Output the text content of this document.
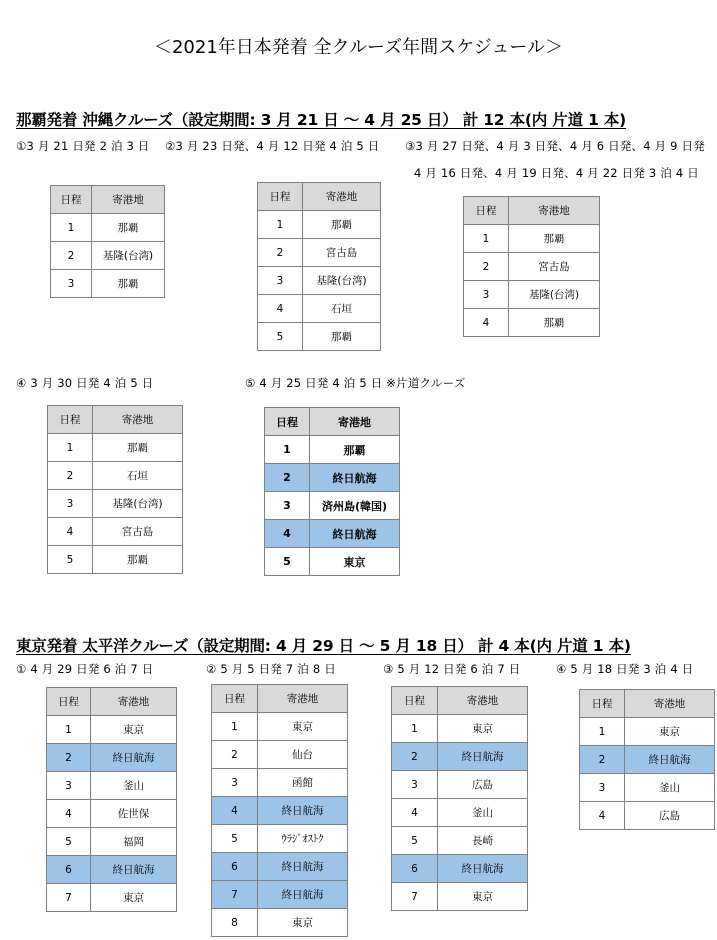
＜2021年日本発着 全クルーズ年間スケジュール＞
那覇発着 沖縄クルーズ（設定期間: 3 月 21 日 ～ 4 月 25 日） 計 12 本(内 片道 1 本)
①3 月 21 日発 2 泊 3 日 ②3 月 23 日発、4 月 12 日発 4 泊 5 日 ③3 月 27 日発、4 月 3 日発、4 月 6 日発、4 月 9 日発
4 月 16 日発、4 月 19 日発、4 月 22 日発 3 泊 4 日
④ 3 月 30 日発 4 泊 5 日	⑤ 4 月 25 日発 4 泊 5 日 ※片道クルーズ
日程	寄港地
1	那覇
2	基隆(台湾)
3	那覇
日程	寄港地
1	那覇
2	宮古島
3	基隆(台湾)
4	石垣
5	那覇
日程	寄港地
1	那覇
2	宮古島
3	基隆(台湾)
4	那覇
日程	寄港地
1	那覇
2	石垣
3	基隆(台湾)
4	宮古島
5	那覇
日程	寄港地
1	那覇
2	終日航海
3	済州島(韓国)
4	終日航海
5	東京
東京発着 太平洋クルーズ（設定期間: 4 月 29 日 ～ 5 月 18 日） 計 4 本(内 片道 1 本)
① 4 月 29 日発 6 泊 7 日	② 5 月 5 日発 7 泊 8 日	③ 5 月 12 日発 6 泊 7 日	④ 5 月 18 日発 3 泊 4 日
日程	寄港地
1	東京
2	終日航海
3	釜山
4	佐世保
5	福岡
6	終日航海
7	東京
日程	寄港地
1	東京
2	仙台
3	函館
4	終日航海
5	ｳﾗｼﾞｵｽﾄｸ
6	終日航海
7	終日航海
8	東京
日程	寄港地
1	東京
2	終日航海
3	広島
4	釜山
5	長崎
6	終日航海
7	東京
日程	寄港地
1	東京
2	終日航海
3	釜山
4	広島
